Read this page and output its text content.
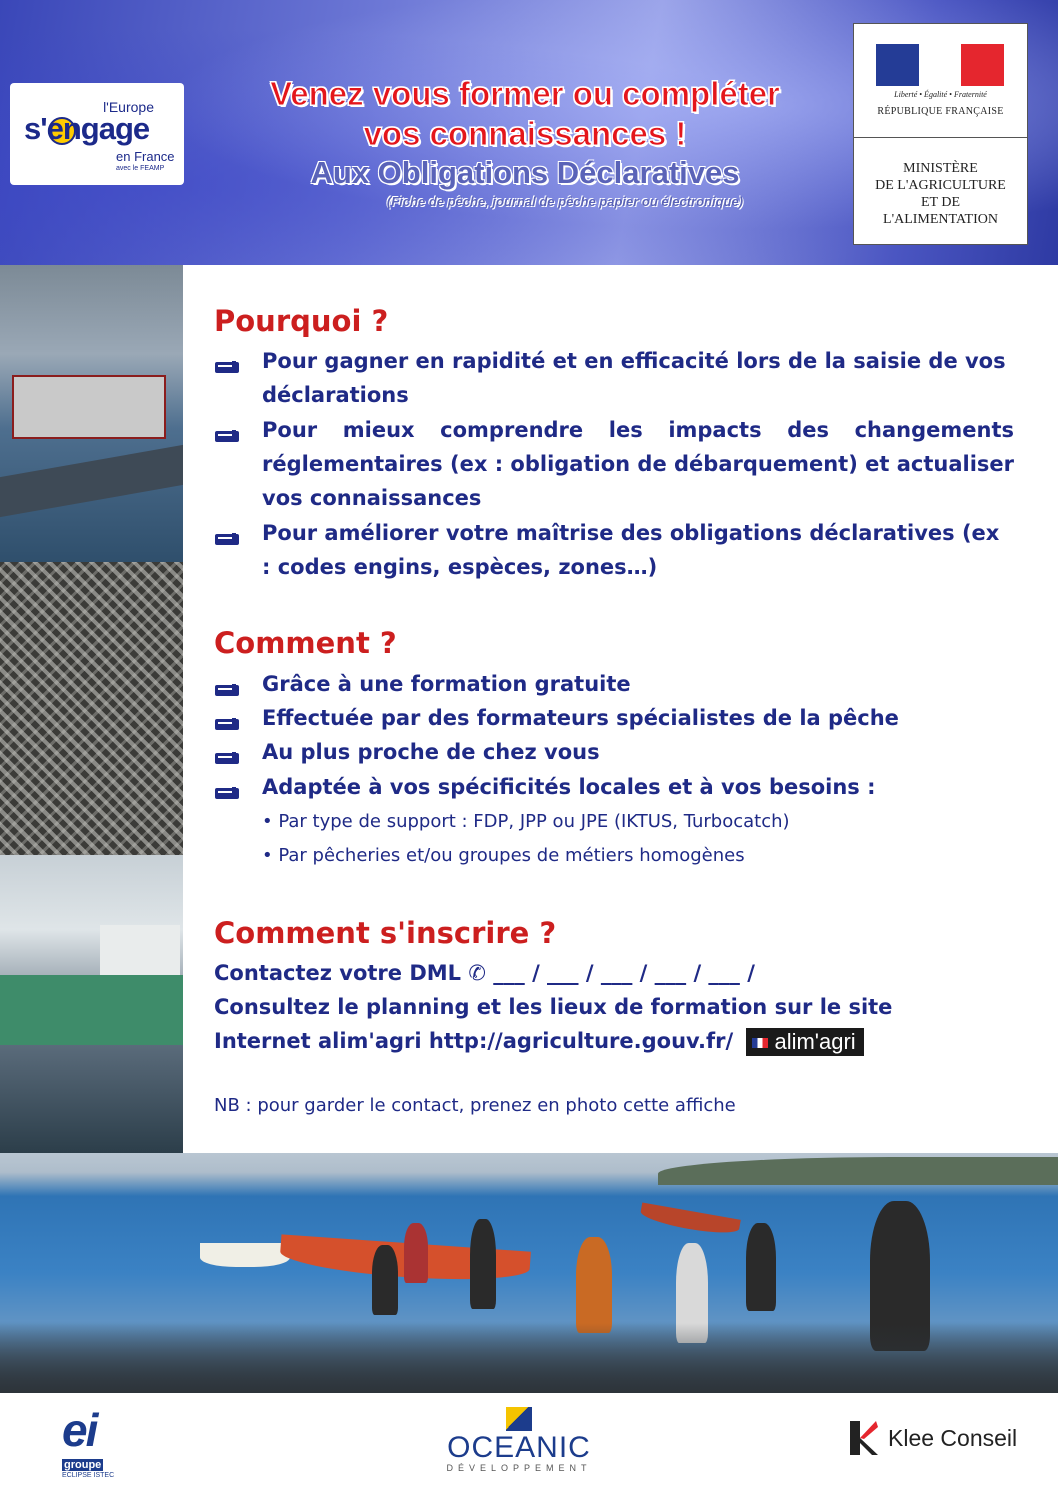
l'Europe
s'engage
en France
avec le FEAMP
Venez vous former ou compléter
vos connaissances !
Aux Obligations Déclaratives
(Fiche de pêche, journal de pêche papier ou électronique)
Liberté • Égalité • Fraternité
RÉPUBLIQUE FRANÇAISE
MINISTÈRE
DE L'AGRICULTURE
ET DE
L'ALIMENTATION
Pourquoi ?
Pour gagner en rapidité et en efficacité lors de la saisie de vos déclarations
Pour mieux comprendre les impacts des changements réglementaires (ex : obligation de débarquement) et actualiser vos connaissances
Pour améliorer votre maîtrise des obligations déclaratives (ex : codes engins, espèces, zones…)
Comment ?
Grâce à une formation gratuite
Effectuée par des formateurs spécialistes de la pêche
Au plus proche de chez vous
Adaptée à vos spécificités locales et à vos besoins :
• Par type de support : FDP, JPP ou JPE (IKTUS, Turbocatch)
• Par pêcheries et/ou groupes de métiers homogènes
Comment s'inscrire ?
Contactez votre DML ✆ ___ / ___ / ___ / ___ / ___ /
Consultez le planning et les lieux de formation sur le site
Internet alim'agri http://agriculture.gouv.fr/ alim'agri
NB : pour garder le contact, prenez en photo cette affiche
ei
groupe
ECLIPSE ISTEC
OCEANIC
DÉVELOPPEMENT
Klee Conseil
